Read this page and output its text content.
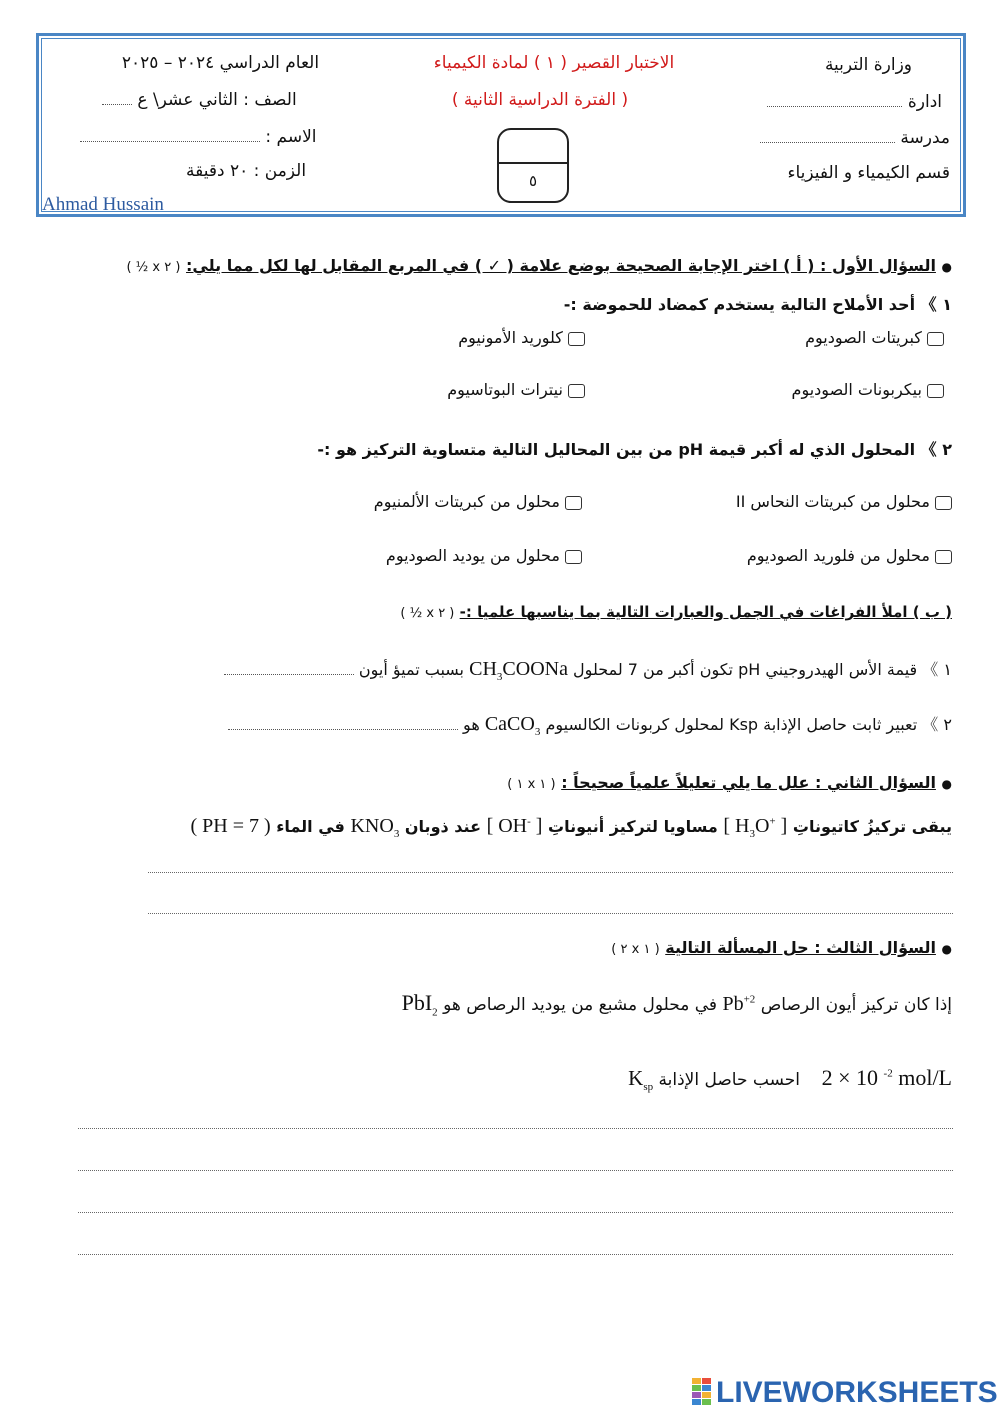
وزارة التربية
ادارة
مدرسة
قسم الكيمياء و الفيزياء
الاختبار القصير ( ١ ) لمادة الكيمياء
( الفترة الدراسية الثانية )
٥
العام الدراسي ٢٠٢٤ – ٢٠٢٥
الصف : الثاني عشر\ ع
الاسم :
الزمن : ٢٠ دقيقة
Ahmad Hussain
● السؤال الأول : ( أ ) اختر الإجابة الصحيحة بوضع علامة ( ✓ ) في المربع المقابل لها لكل مما يلي: ( ٢ x ½ )
١ 》 أحد الأملاح التالية يستخدم كمضاد للحموضة :-
كبريتات الصوديوم
كلوريد الأمونيوم
بيكربونات الصوديوم
نيترات البوتاسيوم
٢ 》 المحلول الذي له أكبر قيمة pH من بين المحاليل التالية متساوية التركيز هو :-
محلول من كبريتات النحاس II
محلول من كبريتات الألمنيوم
محلول من فلوريد الصوديوم
محلول من يوديد الصوديوم
( ب ) املأ الفراغات في الجمل والعبارات التالية بما يناسبها علميا :- ( ٢ x ½ )
١ 》 قيمة الأس الهيدروجيني pH تكون أكبر من 7 لمحلول $CH_3COONa$ بسبب تميؤ أيون
٢ 》 تعبير ثابت حاصل الإذابة Ksp لمحلول كربونات الكالسيوم CaCO$_3$ هو
● السؤال الثاني : علل ما يلي تعليلاً علمياً صحيحاً : ( ١ x ١ )
يبقى تركيزُ كاتيوناتِ [ $H_3O^+$ ] مساويا لتركيز أنيوناتِ [ OH- ] عند ذوبان $KNO_3$ في الماء ( PH = 7 )
● السؤال الثالث : حل المسألة التالية ( ١ x ٢ )
إذا كان تركيز أيون الرصاص $Pb^{+2}$ في محلول مشبع من يوديد الرصاص هو PbI$_2$
2 × 10 $^{-2}$ mol/L    احسب حاصل الإذابة $K_{sp}$
LIVEWORKSHEETS
